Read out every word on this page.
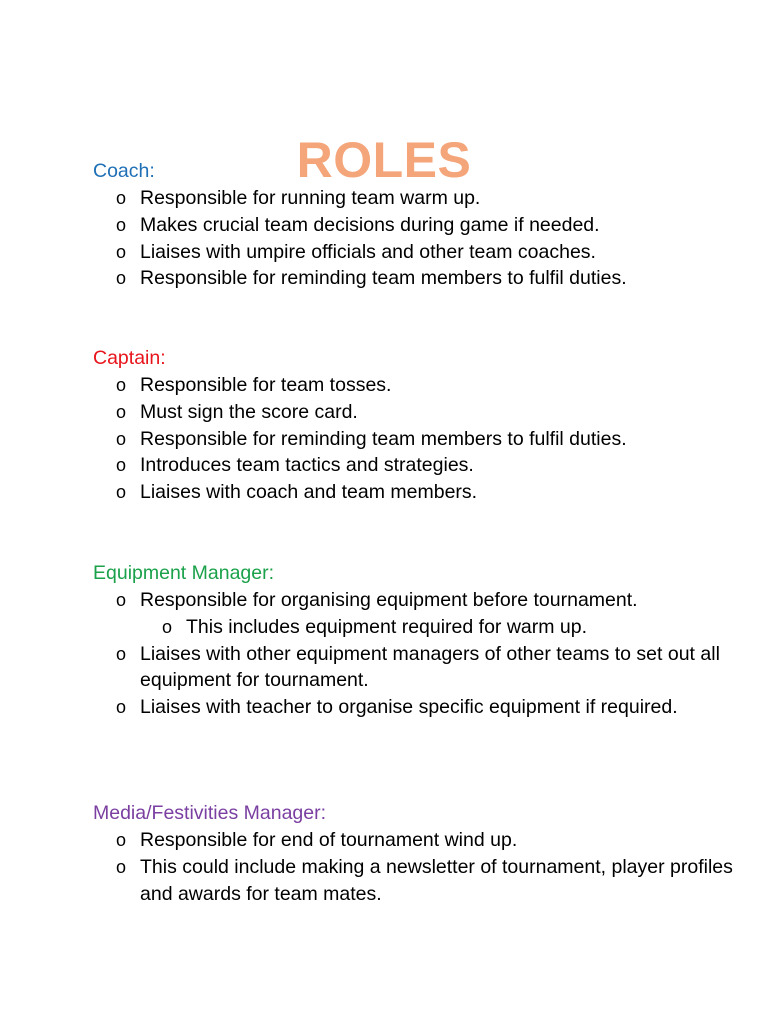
ROLES
Coach:
o Responsible for running team warm up.
o Makes crucial team decisions during game if needed.
o Liaises with umpire officials and other team coaches.
o Responsible for reminding team members to fulfil duties.
Captain:
o Responsible for team tosses.
o Must sign the score card.
o Responsible for reminding team members to fulfil duties.
o Introduces team tactics and strategies.
o Liaises with coach and team members.
Equipment Manager:
o Responsible for organising equipment before tournament.
o This includes equipment required for warm up.
o Liaises with other equipment managers of other teams to set out all equipment for tournament.
o Liaises with teacher to organise specific equipment if required.
Media/Festivities Manager:
o Responsible for end of tournament wind up.
o This could include making a newsletter of tournament, player profiles and awards for team mates.
